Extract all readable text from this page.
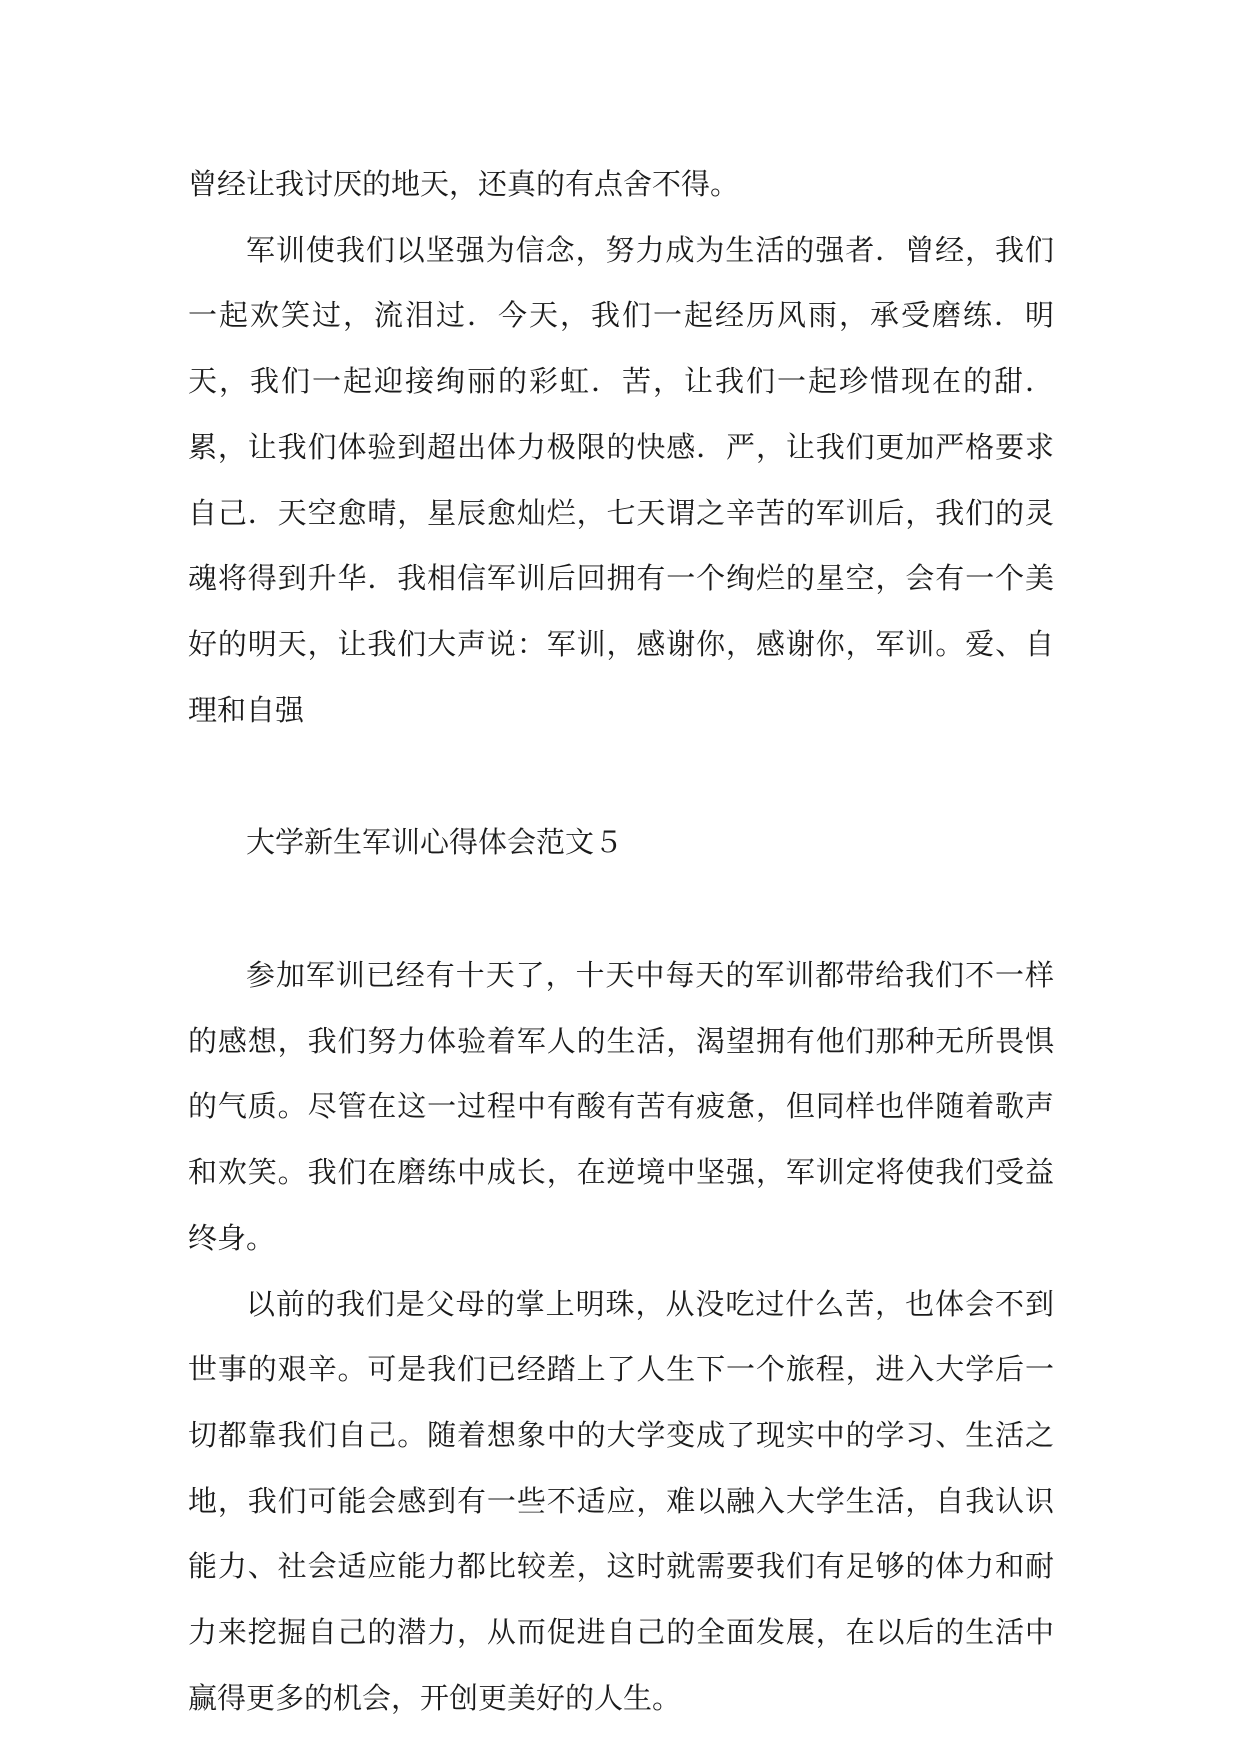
曾经让我讨厌的地天，还真的有点舍不得。

军训使我们以坚强为信念，努力成为生活的强者．曾经，我们一起欢笑过，流泪过．今天，我们一起经历风雨，承受磨练．明天，我们一起迎接绚丽的彩虹．苦，让我们一起珍惜现在的甜．累，让我们体验到超出体力极限的快感．严，让我们更加严格要求自己．天空愈晴，星辰愈灿烂，七天谓之辛苦的军训后，我们的灵魂将得到升华．我相信军训后回拥有一个绚烂的星空，会有一个美好的明天，让我们大声说：军训，感谢你，感谢你，军训。爱、自理和自强

大学新生军训心得体会范文５

参加军训已经有十天了，十天中每天的军训都带给我们不一样的感想，我们努力体验着军人的生活，渴望拥有他们那种无所畏惧的气质。尽管在这一过程中有酸有苦有疲惫，但同样也伴随着歌声和欢笑。我们在磨练中成长，在逆境中坚强，军训定将使我们受益终身。

以前的我们是父母的掌上明珠，从没吃过什么苦，也体会不到世事的艰辛。可是我们已经踏上了人生下一个旅程，进入大学后一切都靠我们自己。随着想象中的大学变成了现实中的学习、生活之地，我们可能会感到有一些不适应，难以融入大学生活，自我认识能力、社会适应能力都比较差，这时就需要我们有足够的体力和耐力来挖掘自己的潜力，从而促进自己的全面发展，在以后的生活中赢得更多的机会，开创更美好的人生。
